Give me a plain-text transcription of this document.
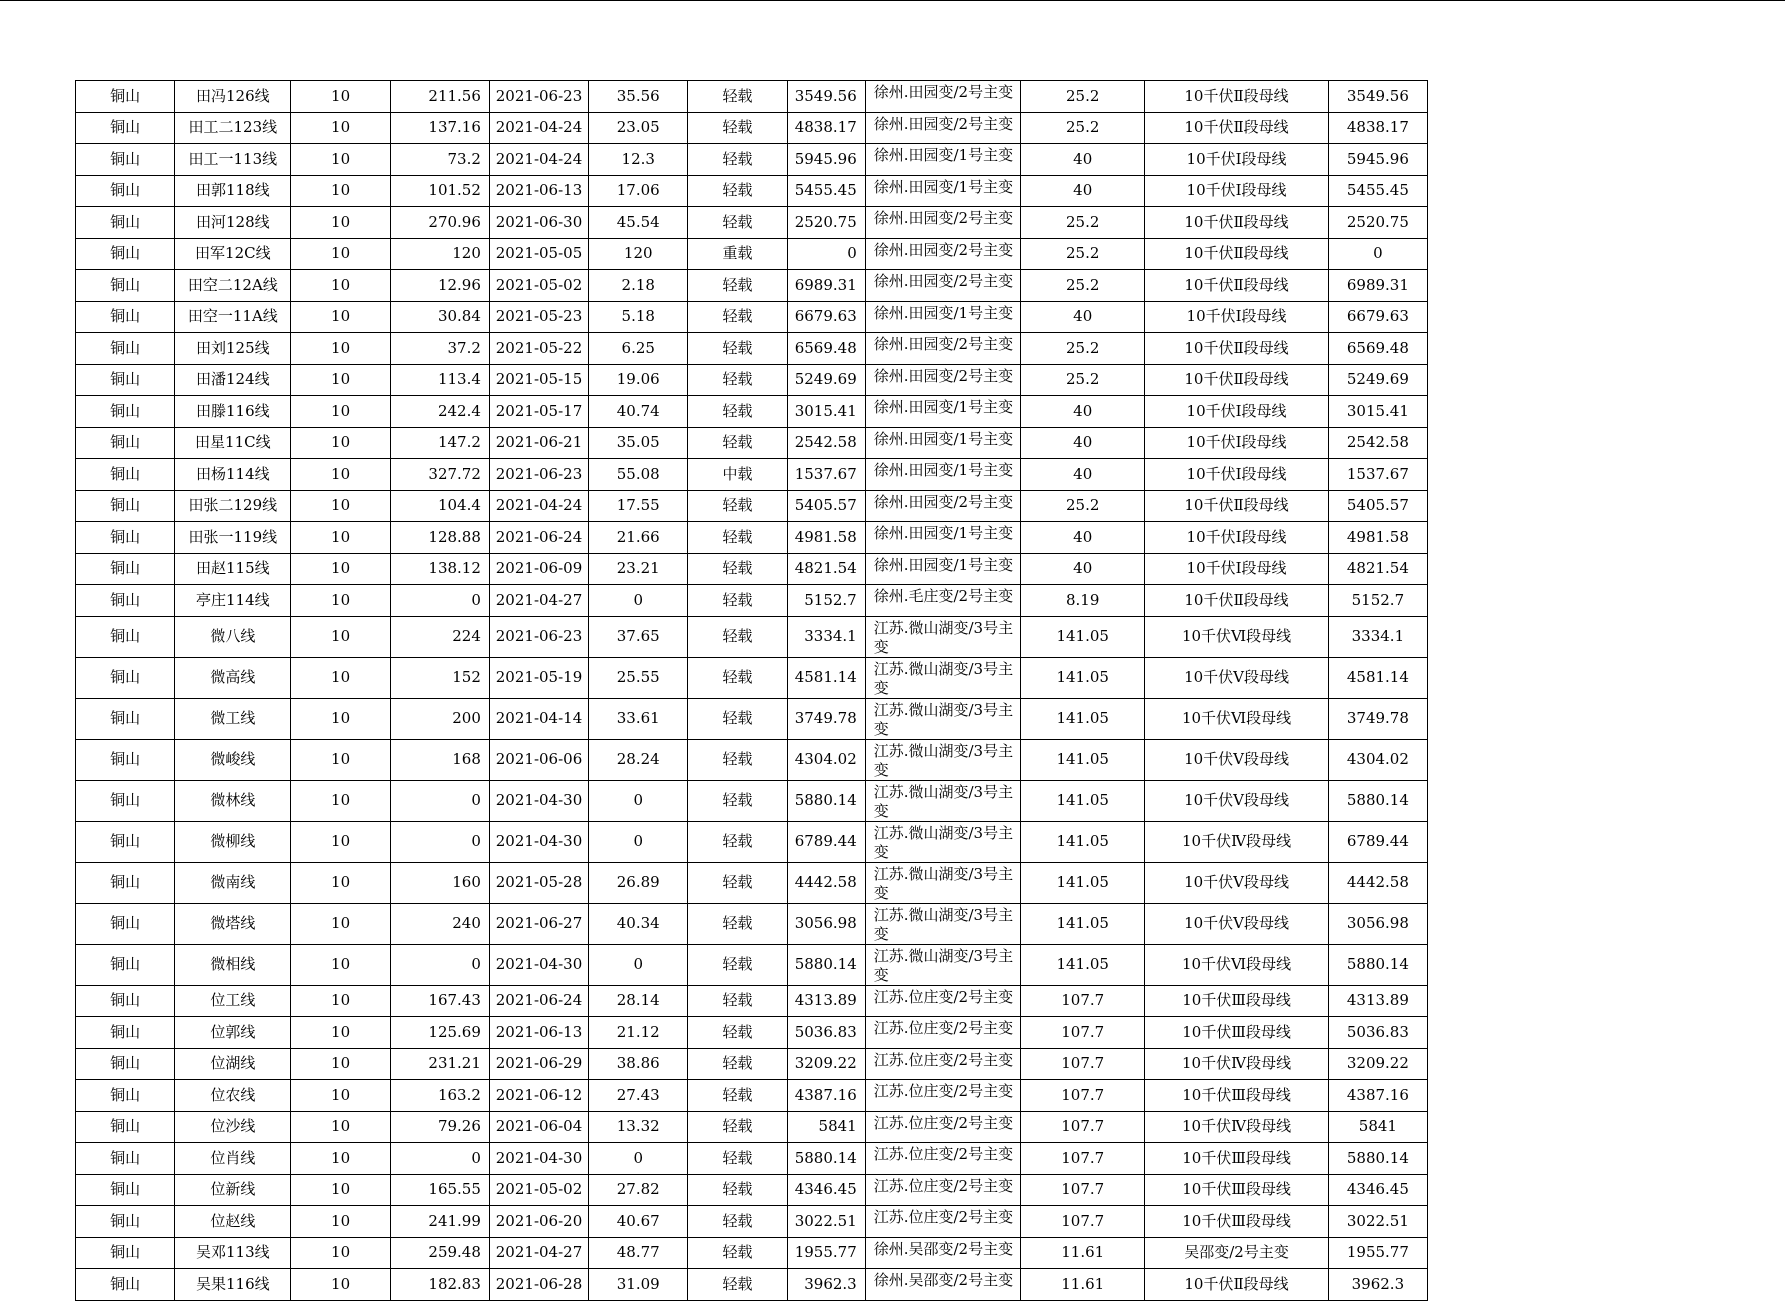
铜山	田冯126线	10	211.56	2021-06-23	35.56	轻载	3549.56	徐州.田园变/2号主变	25.2	10千伏Ⅱ段母线	3549.56
铜山	田工二123线	10	137.16	2021-04-24	23.05	轻载	4838.17	徐州.田园变/2号主变	25.2	10千伏Ⅱ段母线	4838.17
铜山	田工一113线	10	73.2	2021-04-24	12.3	轻载	5945.96	徐州.田园变/1号主变	40	10千伏Ⅰ段母线	5945.96
铜山	田郭118线	10	101.52	2021-06-13	17.06	轻载	5455.45	徐州.田园变/1号主变	40	10千伏Ⅰ段母线	5455.45
铜山	田河128线	10	270.96	2021-06-30	45.54	轻载	2520.75	徐州.田园变/2号主变	25.2	10千伏Ⅱ段母线	2520.75
铜山	田军12C线	10	120	2021-05-05	120	重载	0	徐州.田园变/2号主变	25.2	10千伏Ⅱ段母线	0
铜山	田空二12A线	10	12.96	2021-05-02	2.18	轻载	6989.31	徐州.田园变/2号主变	25.2	10千伏Ⅱ段母线	6989.31
铜山	田空一11A线	10	30.84	2021-05-23	5.18	轻载	6679.63	徐州.田园变/1号主变	40	10千伏Ⅰ段母线	6679.63
铜山	田刘125线	10	37.2	2021-05-22	6.25	轻载	6569.48	徐州.田园变/2号主变	25.2	10千伏Ⅱ段母线	6569.48
铜山	田潘124线	10	113.4	2021-05-15	19.06	轻载	5249.69	徐州.田园变/2号主变	25.2	10千伏Ⅱ段母线	5249.69
铜山	田滕116线	10	242.4	2021-05-17	40.74	轻载	3015.41	徐州.田园变/1号主变	40	10千伏Ⅰ段母线	3015.41
铜山	田星11C线	10	147.2	2021-06-21	35.05	轻载	2542.58	徐州.田园变/1号主变	40	10千伏Ⅰ段母线	2542.58
铜山	田杨114线	10	327.72	2021-06-23	55.08	中载	1537.67	徐州.田园变/1号主变	40	10千伏Ⅰ段母线	1537.67
铜山	田张二129线	10	104.4	2021-04-24	17.55	轻载	5405.57	徐州.田园变/2号主变	25.2	10千伏Ⅱ段母线	5405.57
铜山	田张一119线	10	128.88	2021-06-24	21.66	轻载	4981.58	徐州.田园变/1号主变	40	10千伏Ⅰ段母线	4981.58
铜山	田赵115线	10	138.12	2021-06-09	23.21	轻载	4821.54	徐州.田园变/1号主变	40	10千伏Ⅰ段母线	4821.54
铜山	亭庄114线	10	0	2021-04-27	0	轻载	5152.7	徐州.毛庄变/2号主变	8.19	10千伏Ⅱ段母线	5152.7
铜山	微八线	10	224	2021-06-23	37.65	轻载	3334.1	江苏.微山湖变/3号主变	141.05	10千伏Ⅵ段母线	3334.1
铜山	微高线	10	152	2021-05-19	25.55	轻载	4581.14	江苏.微山湖变/3号主变	141.05	10千伏Ⅴ段母线	4581.14
铜山	微工线	10	200	2021-04-14	33.61	轻载	3749.78	江苏.微山湖变/3号主变	141.05	10千伏Ⅵ段母线	3749.78
铜山	微峻线	10	168	2021-06-06	28.24	轻载	4304.02	江苏.微山湖变/3号主变	141.05	10千伏Ⅴ段母线	4304.02
铜山	微林线	10	0	2021-04-30	0	轻载	5880.14	江苏.微山湖变/3号主变	141.05	10千伏Ⅴ段母线	5880.14
铜山	微柳线	10	0	2021-04-30	0	轻载	6789.44	江苏.微山湖变/3号主变	141.05	10千伏Ⅳ段母线	6789.44
铜山	微南线	10	160	2021-05-28	26.89	轻载	4442.58	江苏.微山湖变/3号主变	141.05	10千伏Ⅴ段母线	4442.58
铜山	微塔线	10	240	2021-06-27	40.34	轻载	3056.98	江苏.微山湖变/3号主变	141.05	10千伏Ⅴ段母线	3056.98
铜山	微相线	10	0	2021-04-30	0	轻载	5880.14	江苏.微山湖变/3号主变	141.05	10千伏Ⅵ段母线	5880.14
铜山	位工线	10	167.43	2021-06-24	28.14	轻载	4313.89	江苏.位庄变/2号主变	107.7	10千伏Ⅲ段母线	4313.89
铜山	位郭线	10	125.69	2021-06-13	21.12	轻载	5036.83	江苏.位庄变/2号主变	107.7	10千伏Ⅲ段母线	5036.83
铜山	位湖线	10	231.21	2021-06-29	38.86	轻载	3209.22	江苏.位庄变/2号主变	107.7	10千伏Ⅳ段母线	3209.22
铜山	位农线	10	163.2	2021-06-12	27.43	轻载	4387.16	江苏.位庄变/2号主变	107.7	10千伏Ⅲ段母线	4387.16
铜山	位沙线	10	79.26	2021-06-04	13.32	轻载	5841	江苏.位庄变/2号主变	107.7	10千伏Ⅳ段母线	5841
铜山	位肖线	10	0	2021-04-30	0	轻载	5880.14	江苏.位庄变/2号主变	107.7	10千伏Ⅲ段母线	5880.14
铜山	位新线	10	165.55	2021-05-02	27.82	轻载	4346.45	江苏.位庄变/2号主变	107.7	10千伏Ⅲ段母线	4346.45
铜山	位赵线	10	241.99	2021-06-20	40.67	轻载	3022.51	江苏.位庄变/2号主变	107.7	10千伏Ⅲ段母线	3022.51
铜山	吴邓113线	10	259.48	2021-04-27	48.77	轻载	1955.77	徐州.吴邵变/2号主变	11.61	吴邵变/2号主变	1955.77
铜山	吴果116线	10	182.83	2021-06-28	31.09	轻载	3962.3	徐州.吴邵变/2号主变	11.61	10千伏Ⅱ段母线	3962.3
